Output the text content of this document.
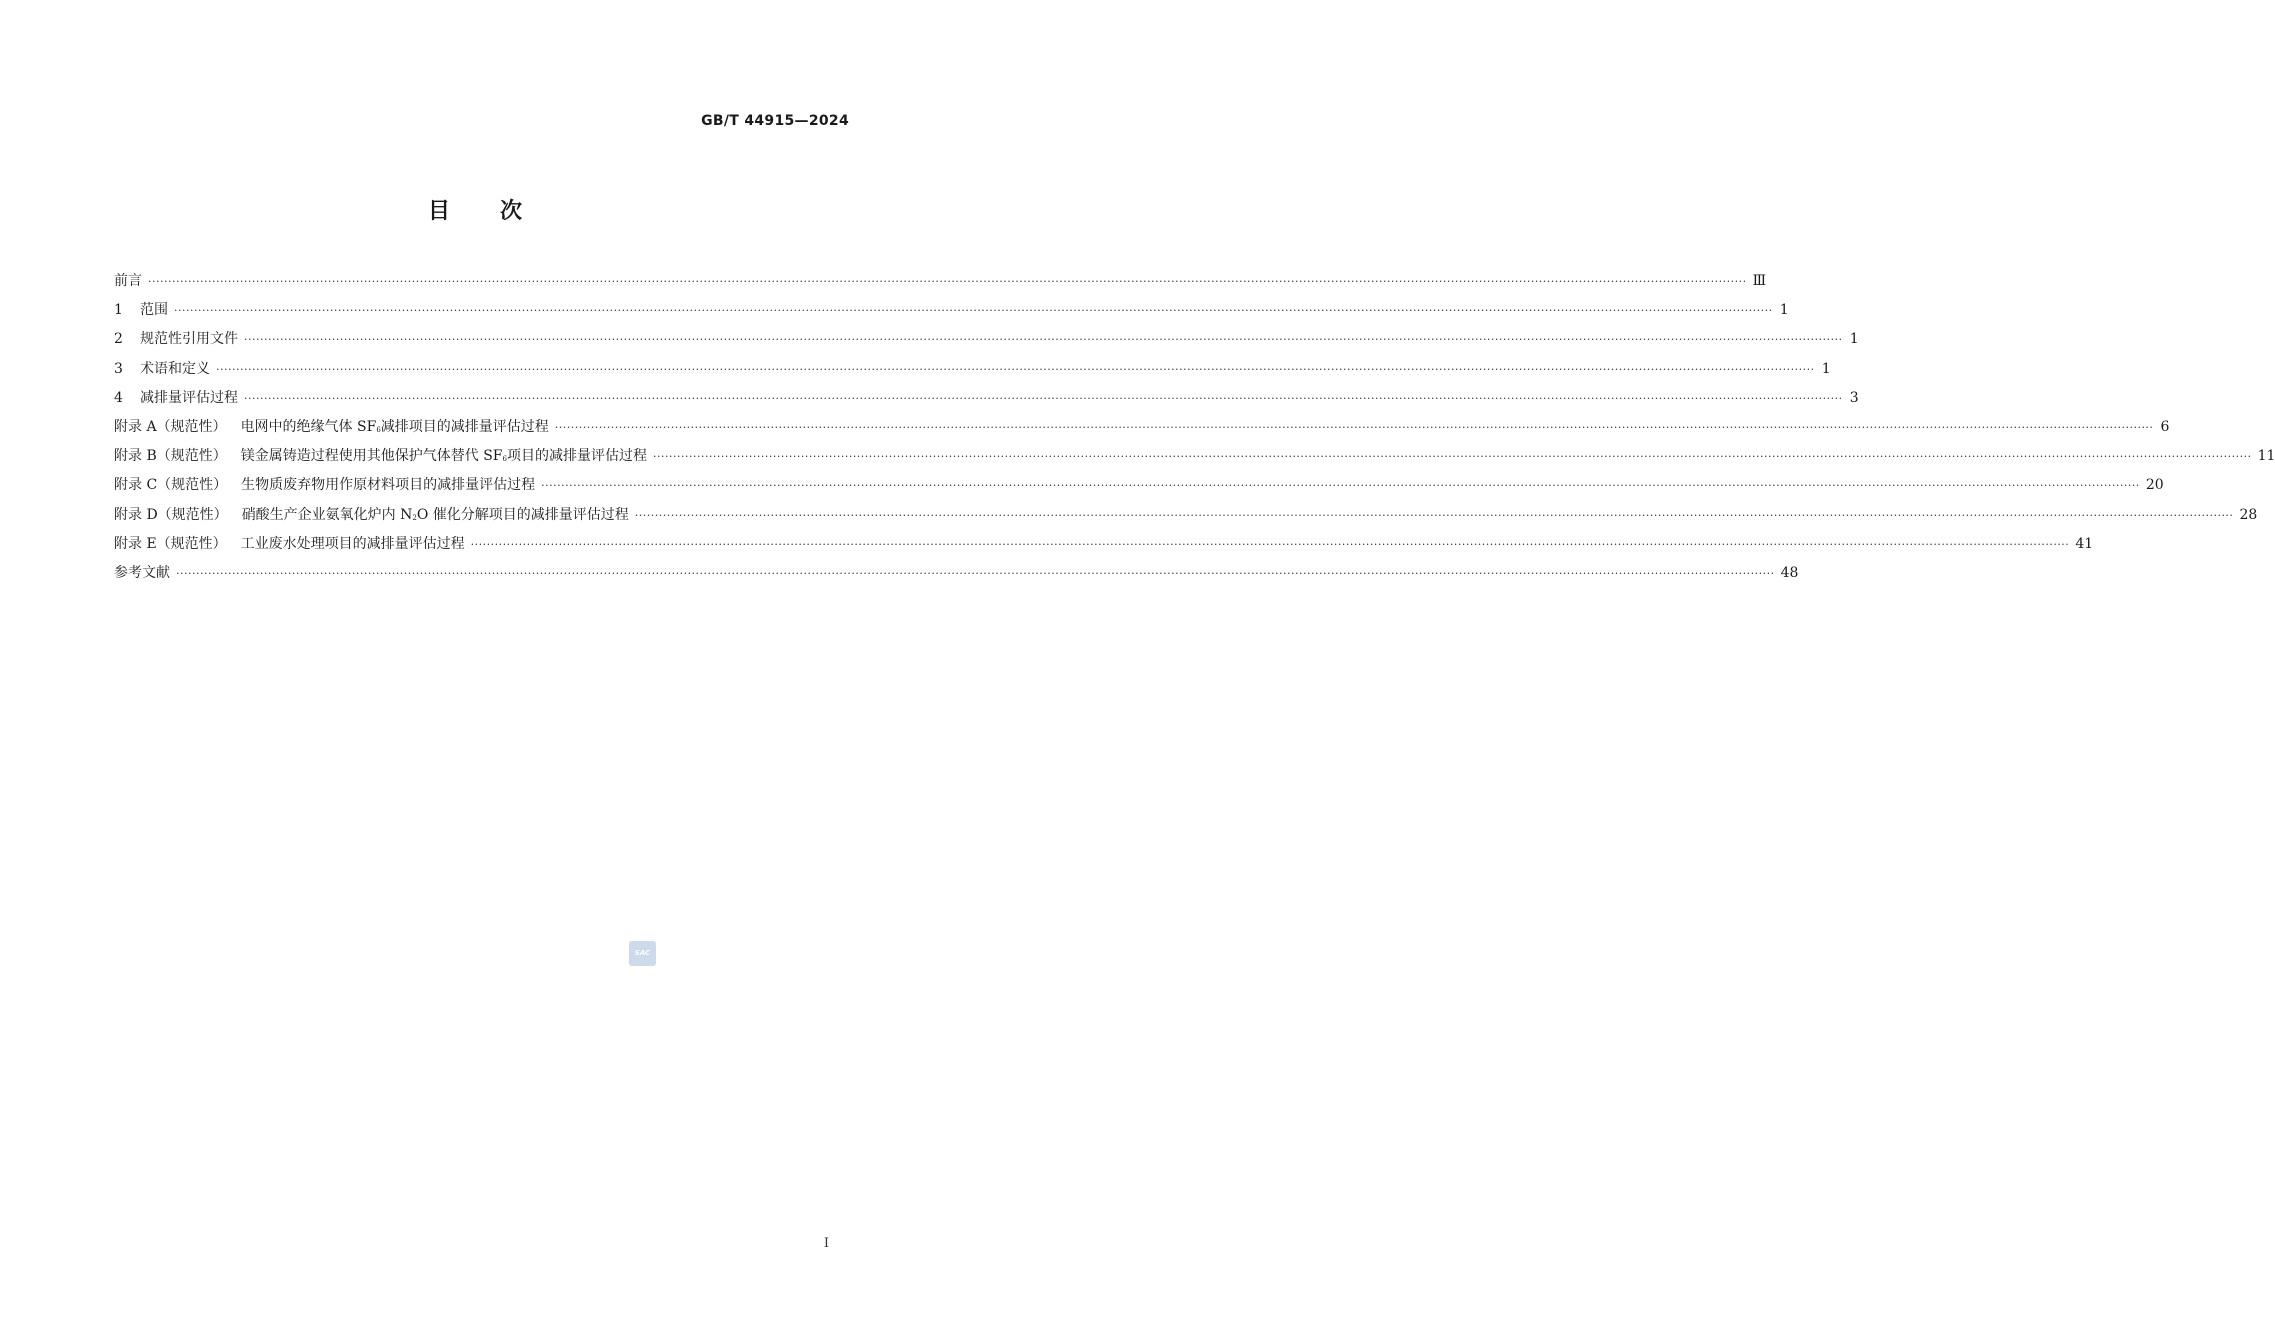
GB/T 44915—2024
目 次
前言 ················································································································································································································································································································································································································ Ⅲ
1 范围 ················································································································································································································································································································································································································ 1
2 规范性引用文件 ················································································································································································································································································································································································································ 1
3 术语和定义 ················································································································································································································································································································································································································ 1
4 减排量评估过程 ················································································································································································································································································································································································································ 3
附录 A（规范性） 电网中的绝缘气体 $SF_6$减排项目的减排量评估过程 ················································································································································································································································································································································································································ 6
附录 B（规范性） 镁金属铸造过程使用其他保护气体替代 $SF_6$项目的减排量评估过程 ················································································································································································································································································································································································································ 11
附录 C（规范性） 生物质废弃物用作原材料项目的减排量评估过程 ················································································································································································································································································································································································································ 20
附录 D（规范性） 硝酸生产企业氨氧化炉内 $N_2O$ 催化分解项目的减排量评估过程 ················································································································································································································································································································································································································ 28
附录 E（规范性） 工业废水处理项目的减排量评估过程 ················································································································································································································································································································································································································ 41
参考文献 ················································································································································································································································································································································································································ 48
SAC
I
